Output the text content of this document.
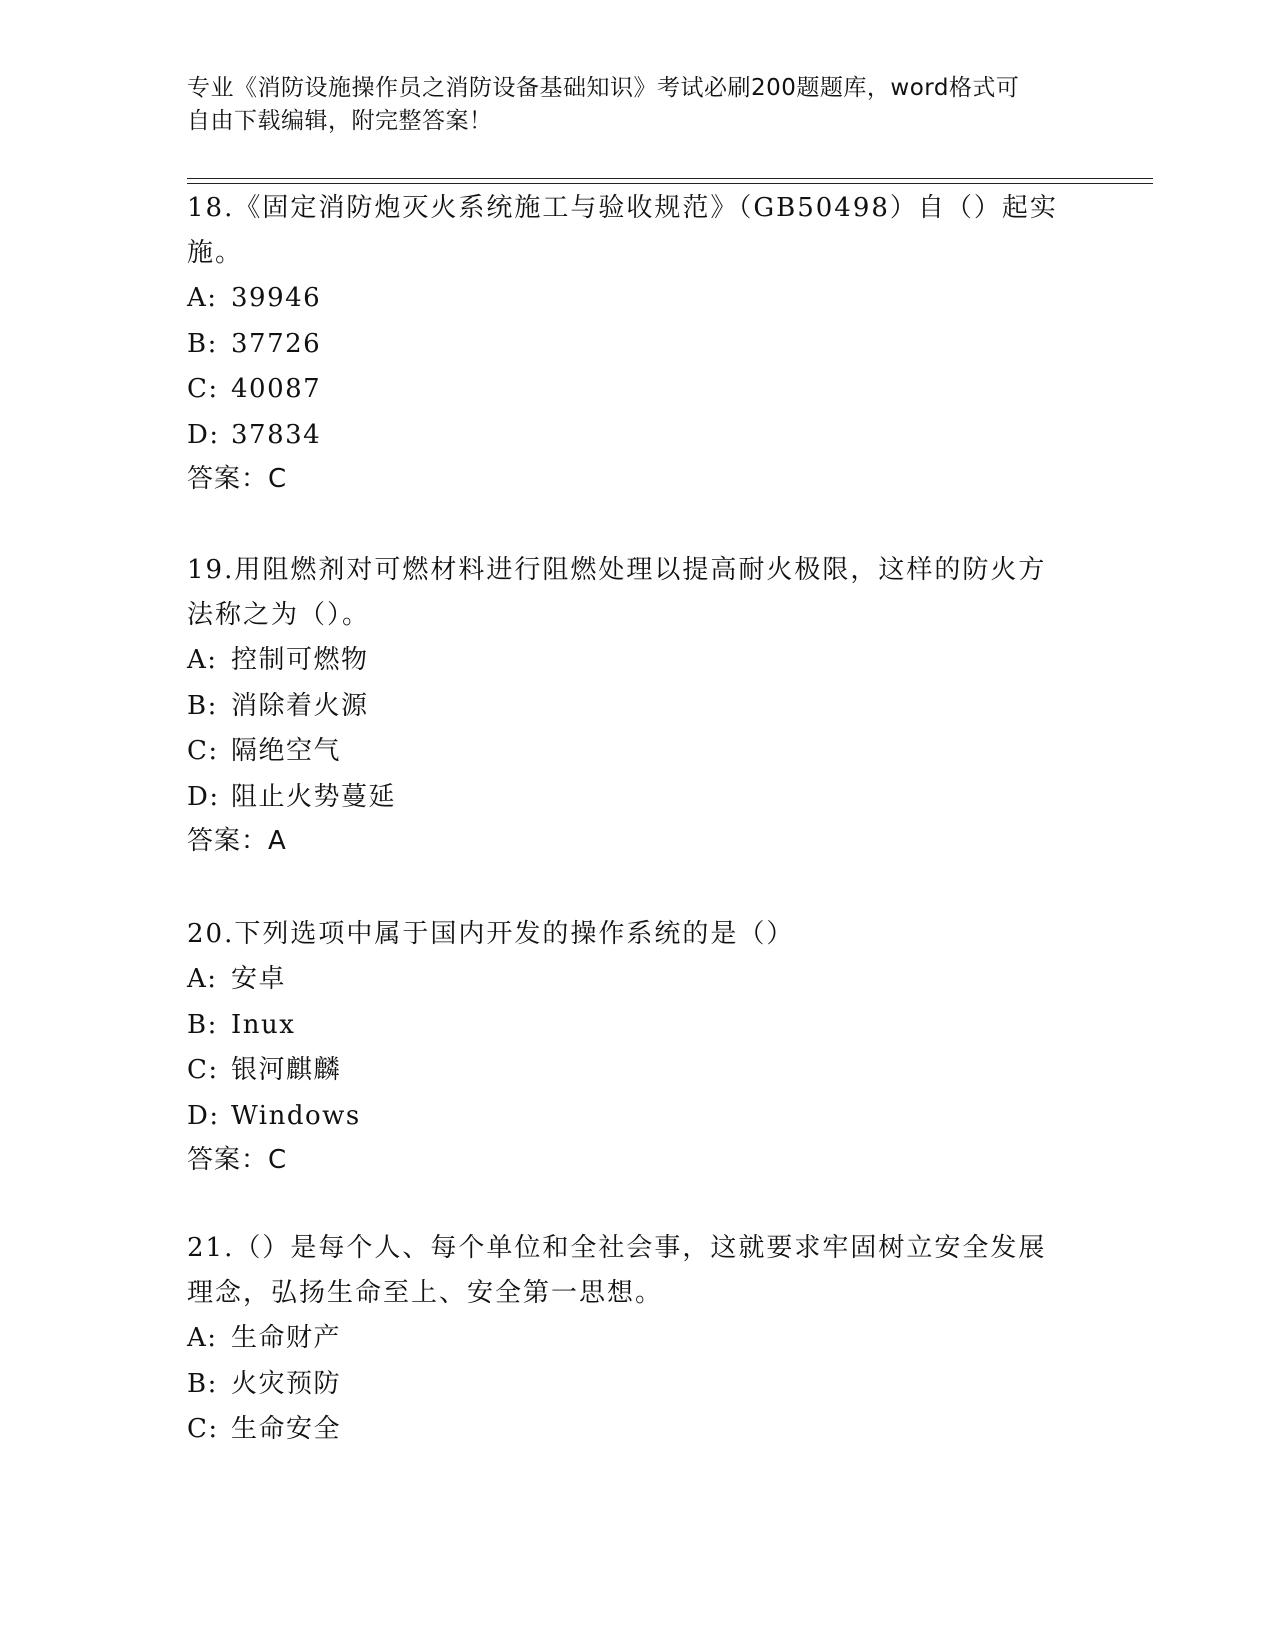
专业《消防设施操作员之消防设备基础知识》考试必刷200题题库，word格式可
自由下载编辑，附完整答案！

18.《固定消防炮灭火系统施工与验收规范》（GB50498）自（）起实施。

A: 39946

B: 37726

C: 40087

D: 37834

答案：C

19.用阻燃剂对可燃材料进行阻燃处理以提高耐火极限，这样的防火方法称之为（）。

A: 控制可燃物

B: 消除着火源

C: 隔绝空气

D: 阻止火势蔓延

答案：A

20.下列选项中属于国内开发的操作系统的是（）

A: 安卓

B: Inux

C: 银河麒麟

D: Windows

答案：C

21.（）是每个人、每个单位和全社会事，这就要求牢固树立安全发展理念，弘扬生命至上、安全第一思想。

A: 生命财产

B: 火灾预防

C: 生命安全
